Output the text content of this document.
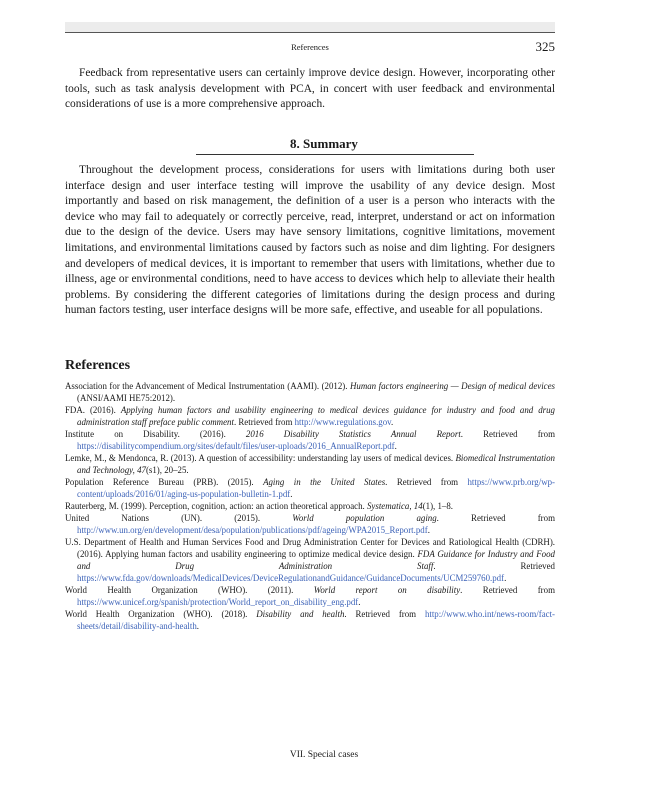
References	325

Feedback from representative users can certainly improve device design. However, incorporating other tools, such as task analysis development with PCA, in concert with user feedback and environmental considerations of use is a more comprehensive approach.

8. Summary

Throughout the development process, considerations for users with limitations during both user interface design and user interface testing will improve the usability of any device design. Most importantly and based on risk management, the definition of a user is a person who interacts with the device who may fail to adequately or correctly perceive, read, interpret, understand or act on information due to the design of the device. Users may have sensory limitations, cognitive limitations, movement limitations, and environmental limitations caused by factors such as noise and dim lighting. For designers and developers of medical devices, it is important to remember that users with limitations, whether due to illness, age or environmental conditions, need to have access to devices which help to alleviate their health problems. By considering the different categories of limitations during the design process and during human factors testing, user interface designs will be more safe, effective, and useable for all populations.

References
Association for the Advancement of Medical Instrumentation (AAMI). (2012). Human factors engineering — Design of medical devices (ANSI/AAMI HE75:2012).
FDA. (2016). Applying human factors and usability engineering to medical devices guidance for industry and food and drug administration staff preface public comment. Retrieved from http://www.regulations.gov.
Institute on Disability. (2016). 2016 Disability Statistics Annual Report. Retrieved from https://disabilitycompendium.org/sites/default/files/user-uploads/2016_AnnualReport.pdf.
Lemke, M., & Mendonca, R. (2013). A question of accessibility: understanding lay users of medical devices. Biomedical Instrumentation and Technology, 47(s1), 20–25.
Population Reference Bureau (PRB). (2015). Aging in the United States. Retrieved from https://www.prb.org/wp-content/uploads/2016/01/aging-us-population-bulletin-1.pdf.
Rauterberg, M. (1999). Perception, cognition, action: an action theoretical approach. Systematica, 14(1), 1–8.
United Nations (UN). (2015). World population aging. Retrieved from http://www.un.org/en/development/desa/population/publications/pdf/ageing/WPA2015_Report.pdf.
U.S. Department of Health and Human Services Food and Drug Administration Center for Devices and Ratiological Health (CDRH). (2016). Applying human factors and usability engineering to optimize medical device design. FDA Guidance for Industry and Food and Drug Administration Staff. Retrieved https://www.fda.gov/downloads/MedicalDevices/DeviceRegulationandGuidance/GuidanceDocuments/UCM259760.pdf.
World Health Organization (WHO). (2011). World report on disability. Retrieved from https://www.unicef.org/spanish/protection/World_report_on_disability_eng.pdf.
World Health Organization (WHO). (2018). Disability and health. Retrieved from http://www.who.int/news-room/fact-sheets/detail/disability-and-health.
VII. Special cases
